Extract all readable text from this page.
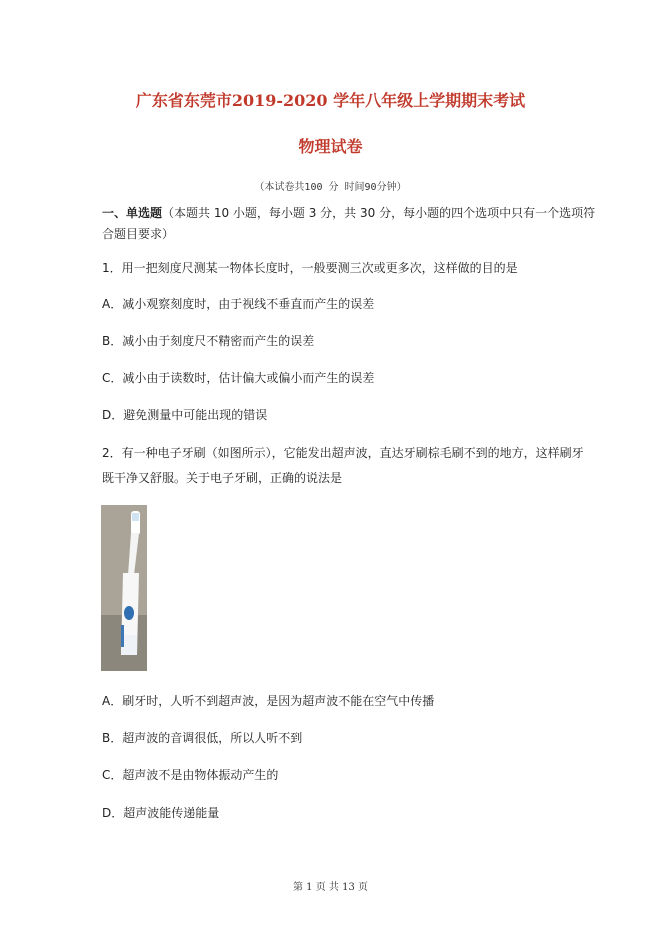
广东省东莞市2019-2020 学年八年级上学期期末考试
物理试卷
（本试卷共100 分 时间90分钟）
一、单选题（本题共 10 小题，每小题 3 分，共 30 分，每小题的四个选项中只有一个选项符
合题目要求）
1．用一把刻度尺测某一物体长度时，一般要测三次或更多次，这样做的目的是
A．减小观察刻度时，由于视线不垂直而产生的误差
B．减小由于刻度尺不精密而产生的误差
C．减小由于读数时，估计偏大或偏小而产生的误差
D．避免测量中可能出现的错误
2．有一种电子牙刷（如图所示），它能发出超声波，直达牙刷棕毛刷不到的地方，这样刷牙
既干净又舒服。关于电子牙刷，正确的说法是
A．刷牙时，人听不到超声波，是因为超声波不能在空气中传播
B．超声波的音调很低，所以人听不到
C．超声波不是由物体振动产生的
D．超声波能传递能量
第 1 页 共 13 页
